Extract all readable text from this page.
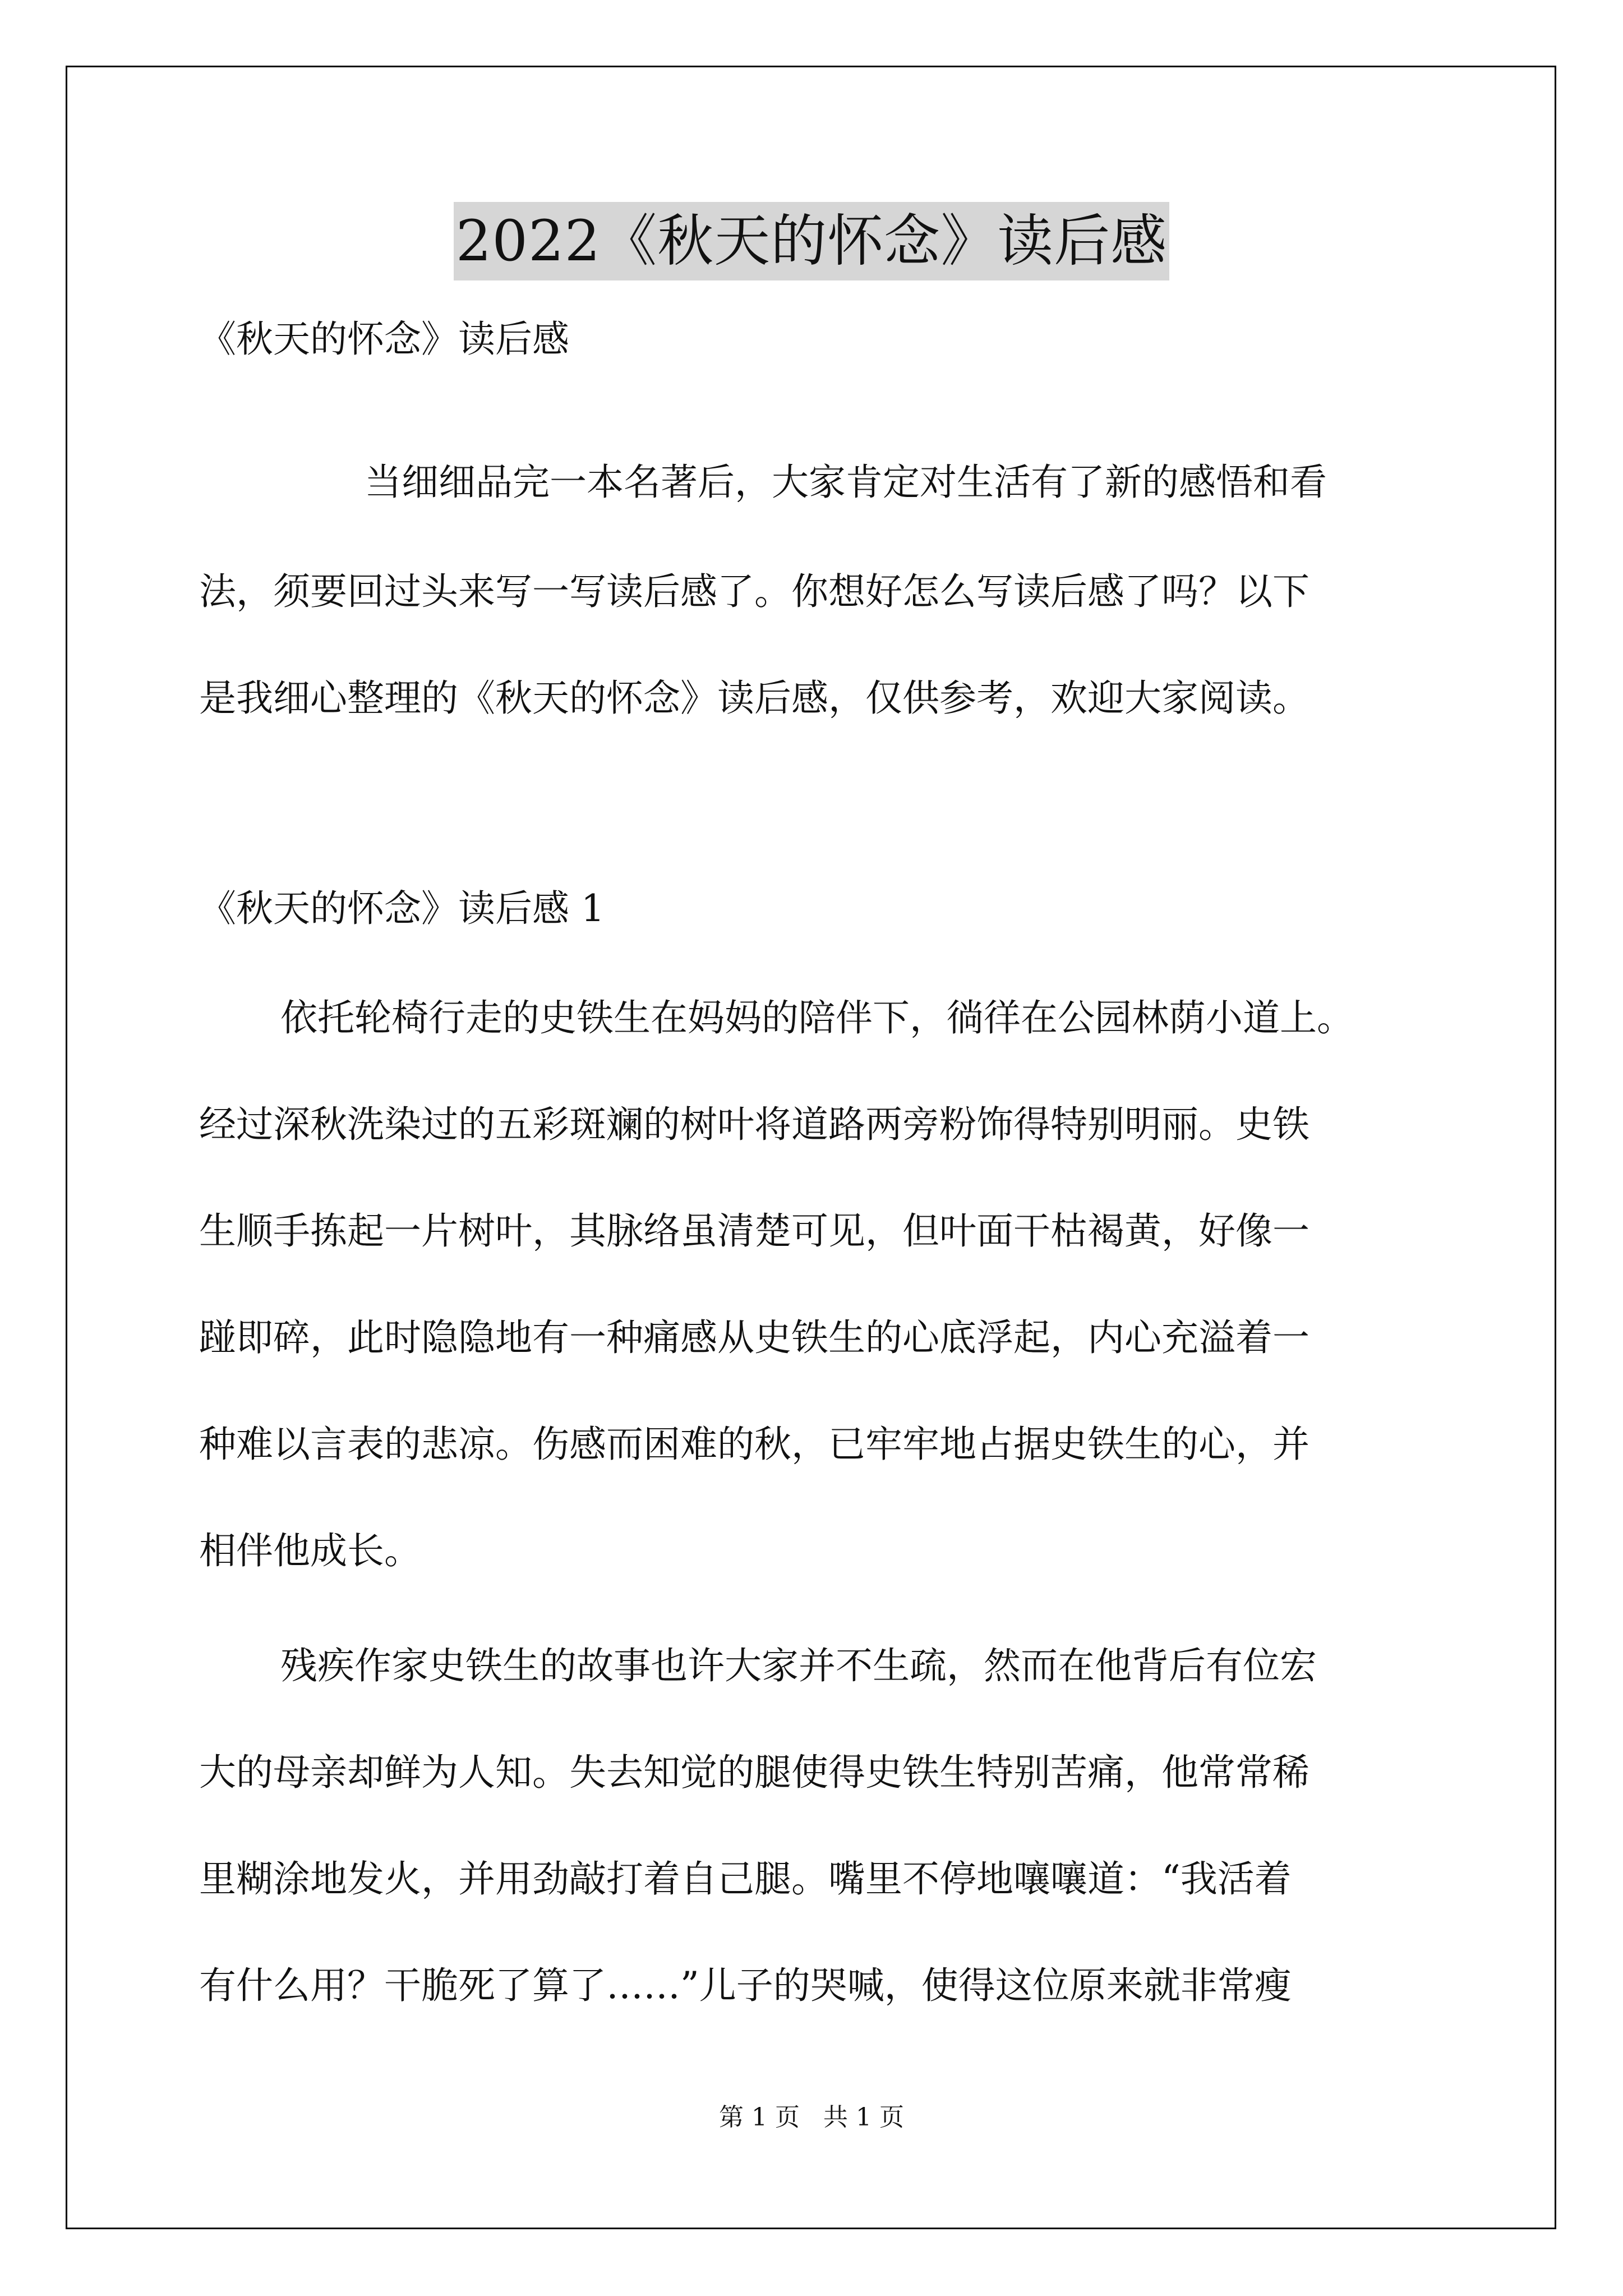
2022《秋天的怀念》读后感
《秋天的怀念》读后感
当细细品完一本名著后，大家肯定对生活有了新的感悟和看
法，须要回过头来写一写读后感了。你想好怎么写读后感了吗？以下
是我细心整理的《秋天的怀念》读后感，仅供参考，欢迎大家阅读。
《秋天的怀念》读后感 1
依托轮椅行走的史铁生在妈妈的陪伴下，徜徉在公园林荫小道上。
经过深秋洗染过的五彩斑斓的树叶将道路两旁粉饰得特别明丽。史铁
生顺手拣起一片树叶，其脉络虽清楚可见，但叶面干枯褐黄，好像一
踫即碎，此时隐隐地有一种痛感从史铁生的心底浮起，内心充溢着一
种难以言表的悲凉。伤感而困难的秋，已牢牢地占据史铁生的心，并
相伴他成长。
残疾作家史铁生的故事也许大家并不生疏，然而在他背后有位宏
大的母亲却鲜为人知。失去知觉的腿使得史铁生特别苦痛，他常常稀
里糊涂地发火，并用劲敲打着自己腿。嘴里不停地嚷嚷道：“我活着
有什么用？干脆死了算了……”儿子的哭喊，使得这位原来就非常瘦
第 1 页   共 1 页
